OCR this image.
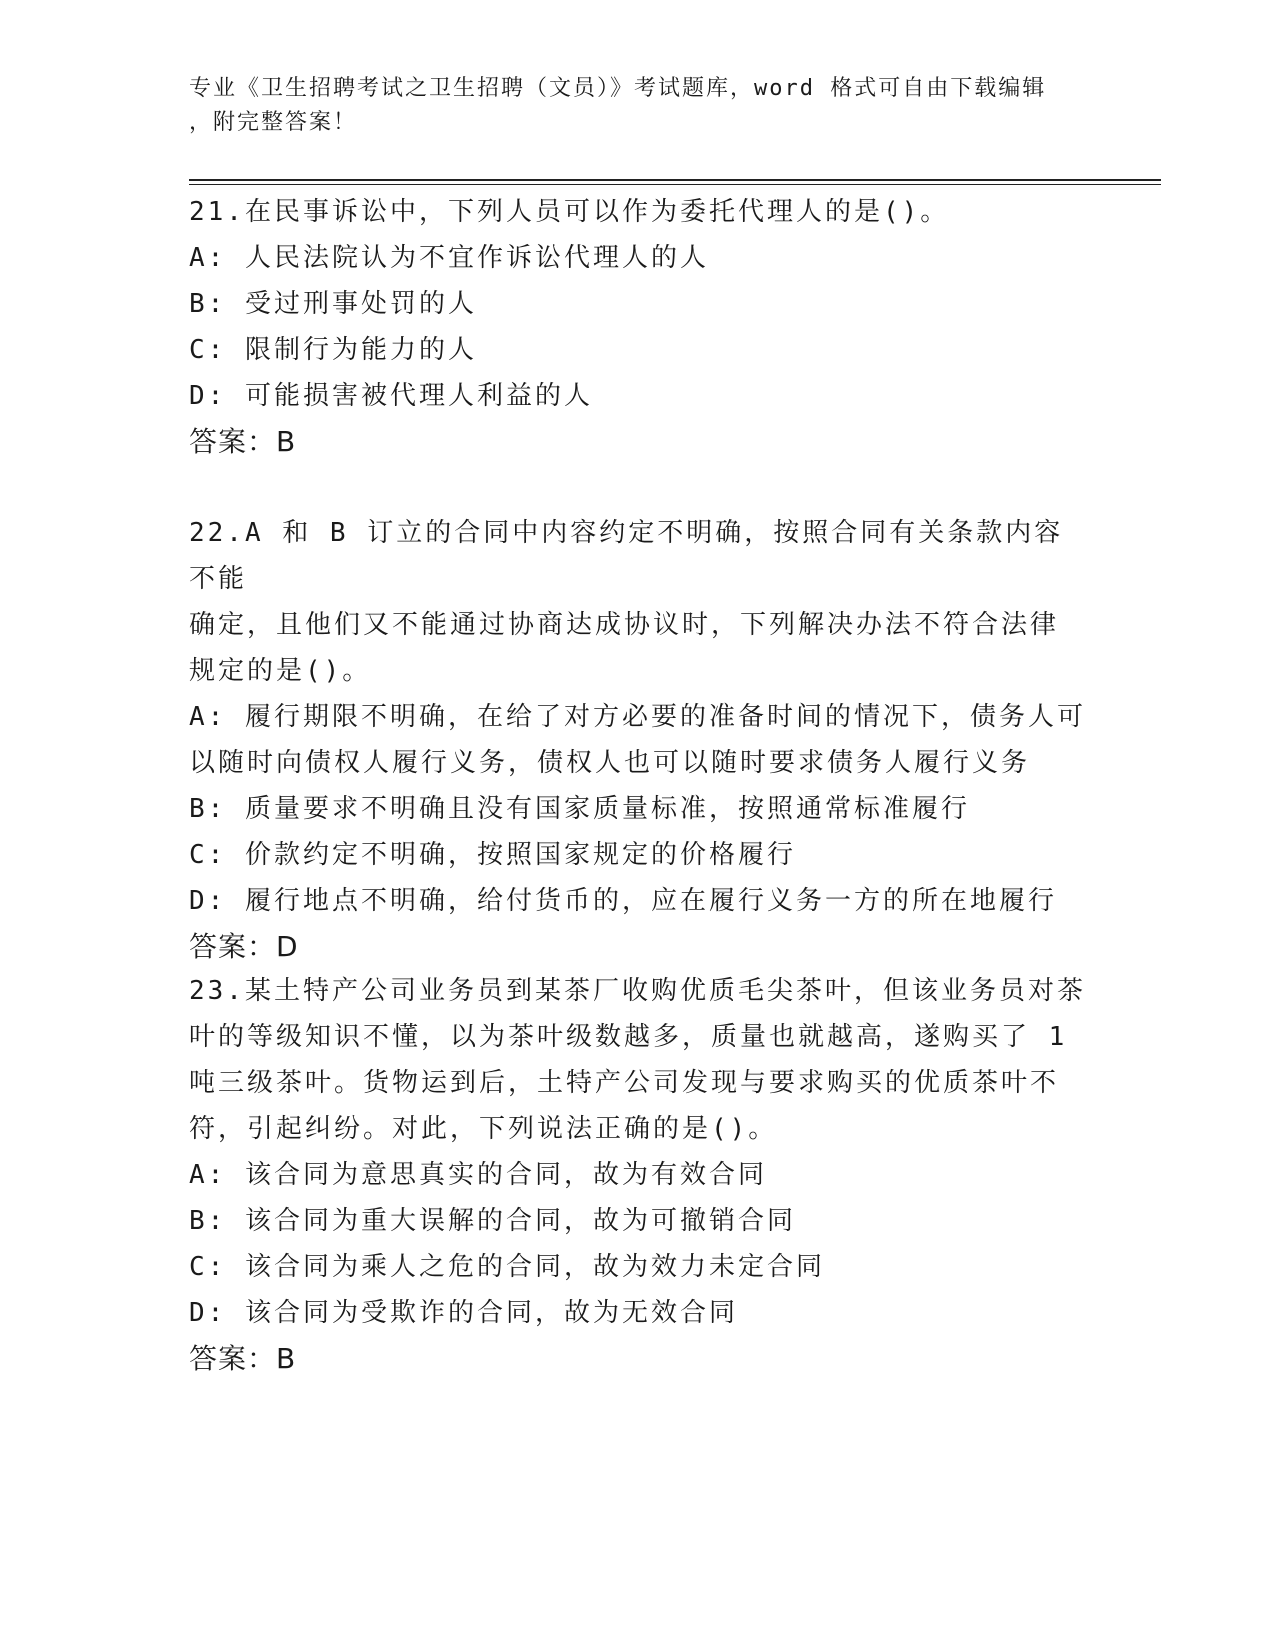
专业《卫生招聘考试之卫生招聘（文员）》考试题库，word 格式可自由下载编辑
，附完整答案！
21.在民事诉讼中，下列人员可以作为委托代理人的是()。
A: 人民法院认为不宜作诉讼代理人的人
B: 受过刑事处罚的人
C: 限制行为能力的人
D: 可能损害被代理人利益的人
答案：B
22.A 和 B 订立的合同中内容约定不明确，按照合同有关条款内容不能
确定，且他们又不能通过协商达成协议时，下列解决办法不符合法律
规定的是()。
A: 履行期限不明确，在给了对方必要的准备时间的情况下，债务人可
以随时向债权人履行义务，债权人也可以随时要求债务人履行义务
B: 质量要求不明确且没有国家质量标准，按照通常标准履行
C: 价款约定不明确，按照国家规定的价格履行
D: 履行地点不明确，给付货币的，应在履行义务一方的所在地履行
答案：D
23.某土特产公司业务员到某茶厂收购优质毛尖茶叶，但该业务员对茶
叶的等级知识不懂，以为茶叶级数越多，质量也就越高，遂购买了 1
吨三级茶叶。货物运到后，土特产公司发现与要求购买的优质茶叶不
符，引起纠纷。对此，下列说法正确的是()。
A: 该合同为意思真实的合同，故为有效合同
B: 该合同为重大误解的合同，故为可撤销合同
C: 该合同为乘人之危的合同，故为效力未定合同
D: 该合同为受欺诈的合同，故为无效合同
答案：B
